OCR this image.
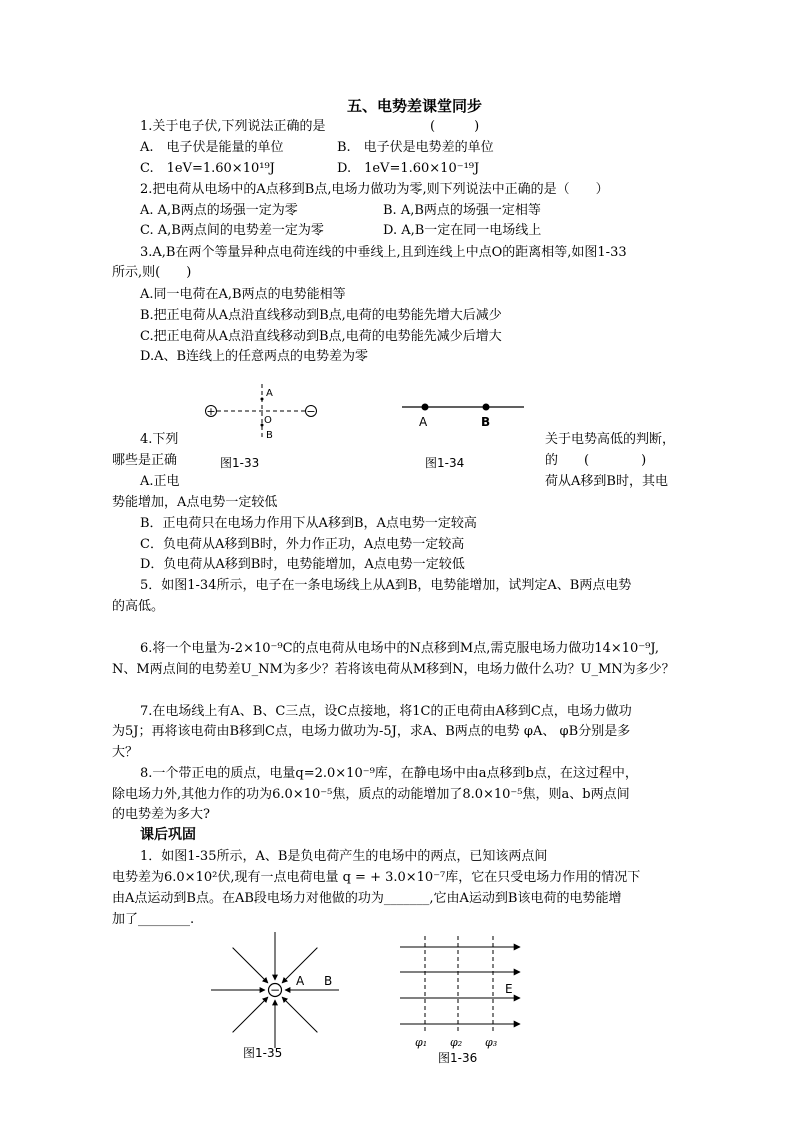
五、电势差课堂同步
1.关于电子伏,下列说法正确的是	(　　　)
A.　电子伏是能量的单位	B.　电子伏是电势差的单位
C.　1eV=1.60×10¹⁹J	D.　1eV=1.60×10⁻¹⁹J
2.把电荷从电场中的A点移到B点,电场力做功为零,则下列说法中正确的是（　　）
A. A,B两点的场强一定为零	B. A,B两点的场强一定相等
C. A,B两点间的电势差一定为零	D. A,B一定在同一电场线上
3.A,B在两个等量异种点电荷连线的中垂线上,且到连线上中点O的距离相等,如图1-33
所示,则(　　)
A.同一电荷在A,B两点的电势能相等
B.把正电荷从A点沿直线移动到B点,电荷的电势能先增大后减少
C.把正电荷从A点沿直线移动到B点,电荷的电势能先减少后增大
D.A、B连线上的任意两点的电势差为零
+	−
A
O
B
A	B
4.下列	关于电势高低的判断，
哪些是正确	图1-33	图1-34	的　　(　　　　)
A.正电	荷从A移到B时，其电
势能增加，A点电势一定较低
B．正电荷只在电场力作用下从A移到B，A点电势一定较高
C．负电荷从A移到B时，外力作正功，A点电势一定较高
D．负电荷从A移到B时，电势能增加，A点电势一定较低
5．如图1-34所示，电子在一条电场线上从A到B，电势能增加，试判定A、B两点电势
的高低。
6.将一个电量为-2×10⁻⁹C的点电荷从电场中的N点移到M点,需克服电场力做功14×10⁻⁹J,
N、M两点间的电势差U_NM为多少？若将该电荷从M移到N，电场力做什么功？U_MN为多少？
7.在电场线上有A、B、C三点，设C点接地，将1C的正电荷由A移到C点，电场力做功
为5J；再将该电荷由B移到C点，电场力做功为-5J，求A、B两点的电势 φA、 φB分别是多
大？
8.一个带正电的质点，电量q=2.0×10⁻⁹库，在静电场中由a点移到b点，在这过程中，
除电场力外,其他力作的功为6.0×10⁻⁵焦，质点的动能增加了8.0×10⁻⁵焦，则a、b两点间
的电势差为多大?
课后巩固
1．如图1-35所示，A、B是负电荷产生的电场中的两点，已知该两点间
电势差为6.0×10²伏,现有一点电荷电量 q = + 3.0×10⁻⁷库，它在只受电场力作用的情况下
由A点运动到B点。在AB段电场力对他做的功为_______,它由A运动到B该电荷的电势能增
加了________.
−
A B
图1-35
E
φ₁ φ₂ φ₃
图1-36
